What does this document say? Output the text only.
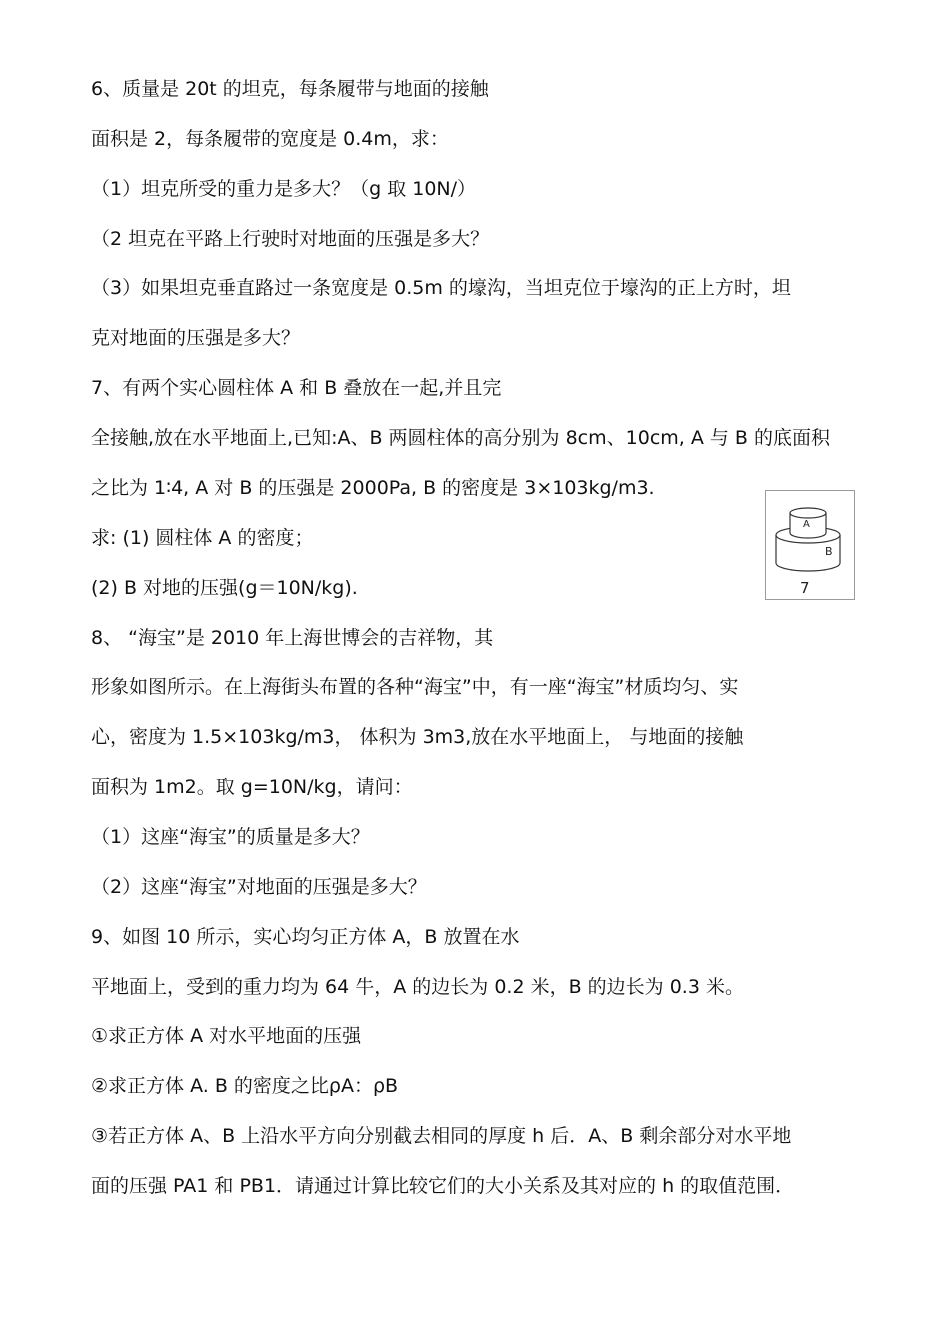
6、质量是 20t 的坦克，每条履带与地面的接触
面积是 2，每条履带的宽度是 0.4m，求：
（1）坦克所受的重力是多大？（g 取 10N/）
（2 坦克在平路上行驶时对地面的压强是多大？
（3）如果坦克垂直路过一条宽度是 0.5m 的壕沟，当坦克位于壕沟的正上方时，坦
克对地面的压强是多大？
7、有两个实心圆柱体 A 和 B 叠放在一起,并且完
全接触,放在水平地面上,已知:A、B 两圆柱体的高分别为 8cm、10cm, A 与 B 的底面积
之比为 1∶4, A 对 B 的压强是 2000Pa, B 的密度是 3×103kg/m3.
求: (1) 圆柱体 A 的密度；
(2) B 对地的压强(g＝10N/kg).
8、 “海宝”是 2010 年上海世博会的吉祥物，其
形象如图所示。在上海街头布置的各种“海宝”中，有一座“海宝”材质均匀、实
心，密度为 1.5×103kg/m3， 体积为 3m3,放在水平地面上， 与地面的接触
面积为 1m2。取 g=10N/kg，请问：
（1）这座“海宝”的质量是多大？
（2）这座“海宝”对地面的压强是多大？
9、如图 10 所示，实心均匀正方体 A，B 放置在水
平地面上，受到的重力均为 64 牛，A 的边长为 0.2 米，B 的边长为 0.3 米。
①求正方体 A 对水平地面的压强
②求正方体 A. B 的密度之比ρA：ρB
③若正方体 A、B 上沿水平方向分别截去相同的厚度 h 后．A、B 剩余部分对水平地
面的压强 PA1 和 PB1．请通过计算比较它们的大小关系及其对应的 h 的取值范围．
A
B
7
